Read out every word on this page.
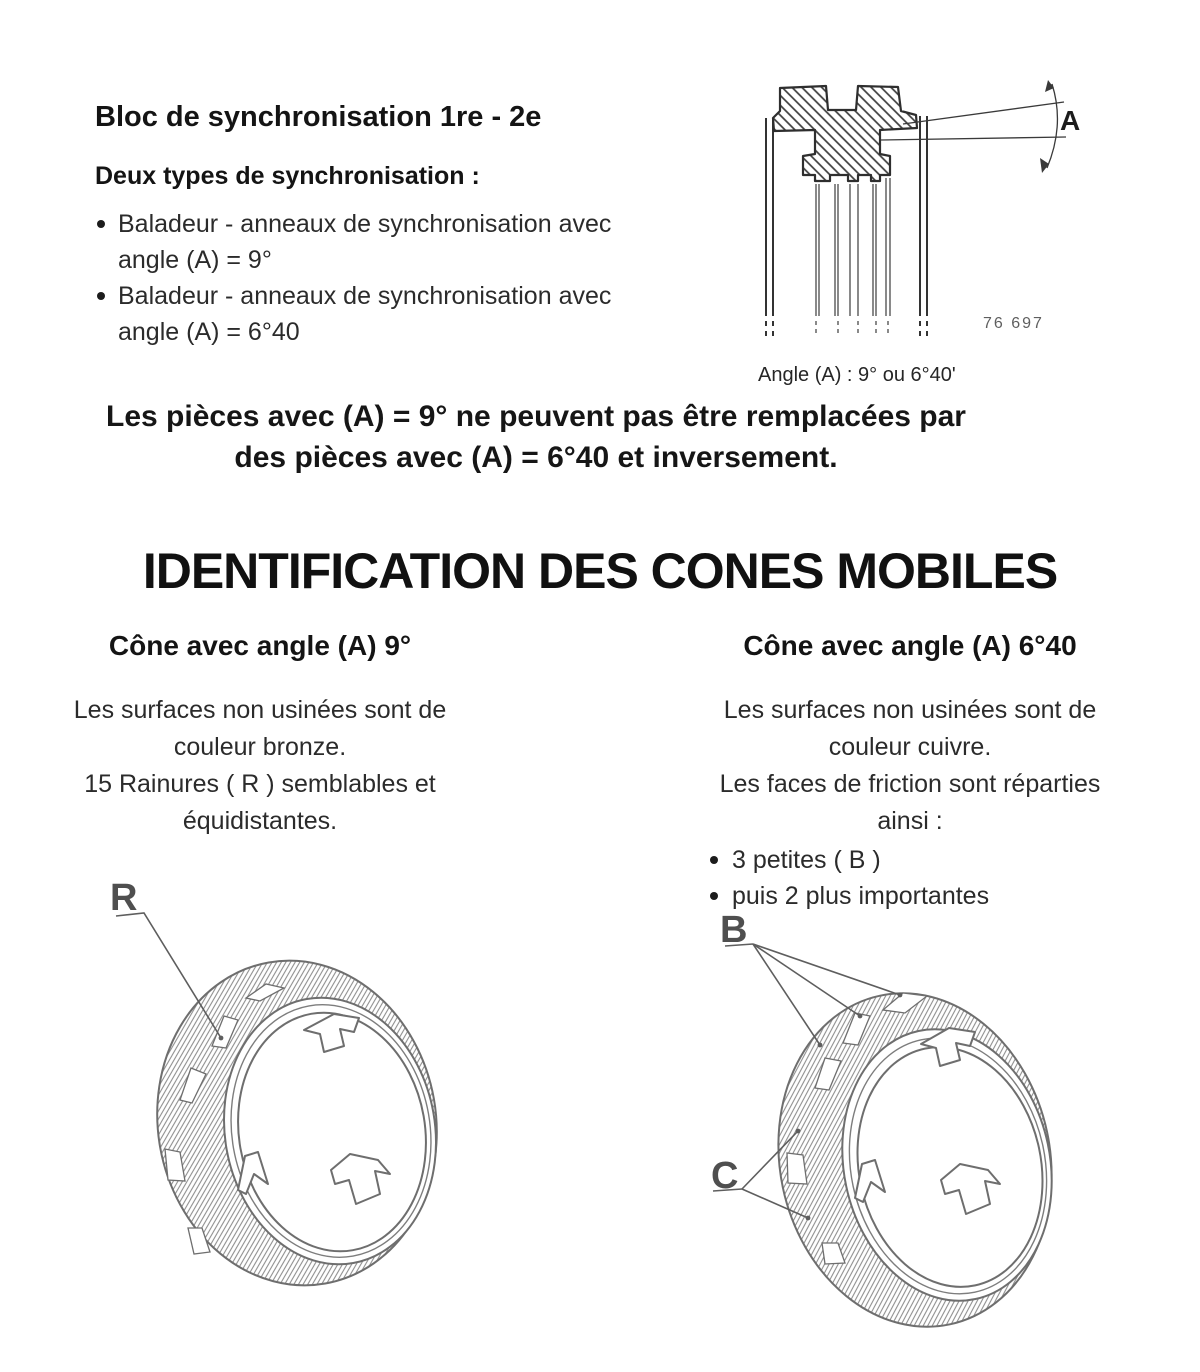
Bloc de synchronisation 1re - 2e
Deux types de synchronisation :
Baladeur - anneaux de synchronisation avec angle (A) = 9°
Baladeur - anneaux de synchronisation avec angle (A) = 6°40
A
76 697
Angle (A) : 9° ou 6°40'
Les pièces avec (A) = 9° ne peuvent pas être remplacées par
des pièces avec (A) = 6°40 et inversement.
IDENTIFICATION DES CONES MOBILES
Cône avec angle (A) 9°
Les surfaces non usinées sont de
couleur bronze.
15 Rainures ( R ) semblables et
équidistantes.
Cône avec angle (A) 6°40
Les surfaces non usinées sont de
couleur cuivre.
Les faces de friction sont réparties
ainsi :
3 petites ( B )
puis 2 plus importantes
R
B
C
